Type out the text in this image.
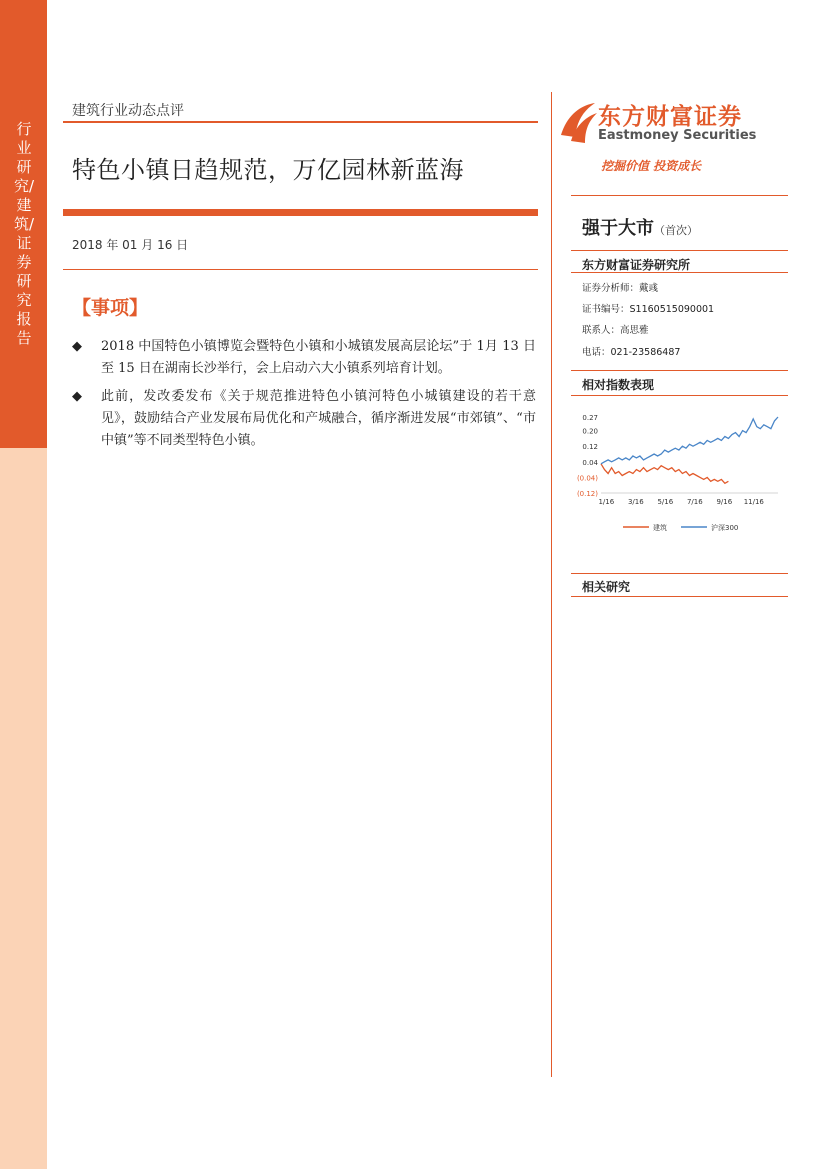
行业研究/建筑/证券研究报告
建筑行业动态点评
特色小镇日趋规范，万亿园林新蓝海
2018 年 01 月 16 日
【事项】
◆ 2018 中国特色小镇博览会暨特色小镇和小城镇发展高层论坛”于 1月 13 日至 15 日在湖南长沙举行，会上启动六大小镇系列培育计划。
◆ 此前，发改委发布《关于规范推进特色小镇河特色小城镇建设的若干意见》，鼓励结合产业发展布局优化和产城融合，循序渐进发展“市郊镇”、“市中镇”等不同类型特色小镇。
东方财富证券
Eastmoney Securities
挖掘价值 投资成长
强于大市（首次）
东方财富证券研究所
证券分析师：戴彧
证书编号：S1160515090001
联系人：高思雅
电话：021-23586487
相对指数表现
0.27
0.20
0.12
0.04
(0.04)
(0.12)
1/16 3/16 5/16 7/16 9/16 11/16
建筑	沪深300
相关研究
